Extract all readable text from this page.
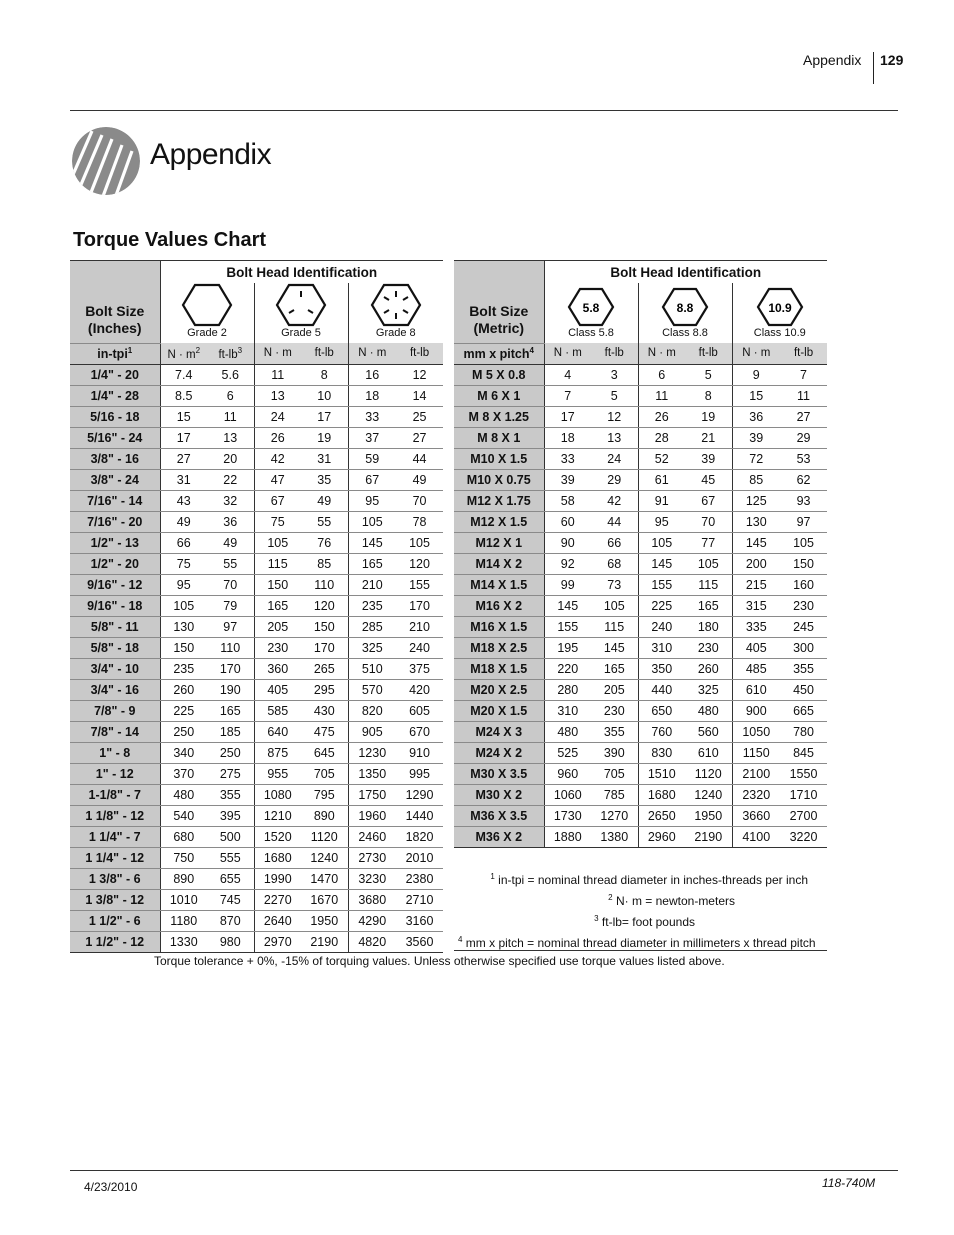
Appendix 129
Appendix
Torque Values Chart
Bolt Size
(Inches)	Bolt Head Identification					

	Grade 2		Grade 5		Grade 8	

in-tpi$^1$	$N \cdot m^2$	$ft-lb^3$	N · m	ft-lb	N · m	ft-lb
1/4" - 20	7.4	5.6	11	8	16	12
1/4" - 28	8.5	6	13	10	18	14
5/16 - 18	15	11	24	17	33	25
5/16" - 24	17	13	26	19	37	27
3/8" - 16	27	20	42	31	59	44
3/8" - 24	31	22	47	35	67	49
7/16" - 14	43	32	67	49	95	70
7/16" - 20	49	36	75	55	105	78
1/2" - 13	66	49	105	76	145	105
1/2" - 20	75	55	115	85	165	120
9/16" - 12	95	70	150	110	210	155
9/16" - 18	105	79	165	120	235	170
5/8" - 11	130	97	205	150	285	210
5/8" - 18	150	110	230	170	325	240
3/4" - 10	235	170	360	265	510	375
3/4" - 16	260	190	405	295	570	420
7/8" - 9	225	165	585	430	820	605
7/8" - 14	250	185	640	475	905	670
1" - 8	340	250	875	645	1230	910
1" - 12	370	275	955	705	1350	995
1-1/8" - 7	480	355	1080	795	1750	1290
1 1/8" - 12	540	395	1210	890	1960	1440
1 1/4" - 7	680	500	1520	1120	2460	1820
1 1/4" - 12	750	555	1680	1240	2730	2010
1 3/8" - 6	890	655	1990	1470	3230	2380
1 3/8" - 12	1010	745	2270	1670	3680	2710
1 1/2" - 6	1180	870	2640	1950	4290	3160
1 1/2" - 12	1330	980	2970	2190	4820	3560
Bolt Size
(Metric)	Bolt Head Identification					

5.8
Class 5.8		8.8
Class 8.8		10.9
Class 10.9	

mm x pitch$^4$	N · m	ft-lb	N · m	ft-lb	N · m	ft-lb
M 5 X 0.8	4	3	6	5	9	7
M 6 X 1	7	5	11	8	15	11
M 8 X 1.25	17	12	26	19	36	27
M 8 X 1	18	13	28	21	39	29
M10 X 1.5	33	24	52	39	72	53
M10 X 0.75	39	29	61	45	85	62
M12 X 1.75	58	42	91	67	125	93
M12 X 1.5	60	44	95	70	130	97
M12 X 1	90	66	105	77	145	105
M14 X 2	92	68	145	105	200	150
M14 X 1.5	99	73	155	115	215	160
M16 X 2	145	105	225	165	315	230
M16 X 1.5	155	115	240	180	335	245
M18 X 2.5	195	145	310	230	405	300
M18 X 1.5	220	165	350	260	485	355
M20 X 2.5	280	205	440	325	610	450
M20 X 1.5	310	230	650	480	900	665
M24 X 3	480	355	760	560	1050	780
M24 X 2	525	390	830	610	1150	845
M30 X 3.5	960	705	1510	1120	2100	1550
M30 X 2	1060	785	1680	1240	2320	1710
M36 X 3.5	1730	1270	2650	1950	3660	2700
M36 X 2	1880	1380	2960	2190	4100	3220
$^1$ in-tpi = nominal thread diameter in inches-threads per inch
$^2$ N· m = newton-meters
$^3$ ft-lb= foot pounds
$^4$ mm x pitch = nominal thread diameter in millimeters x thread pitch
Torque tolerance + 0%, -15% of torquing values. Unless otherwise specified use torque values listed above.
4/23/2010	118-740M
